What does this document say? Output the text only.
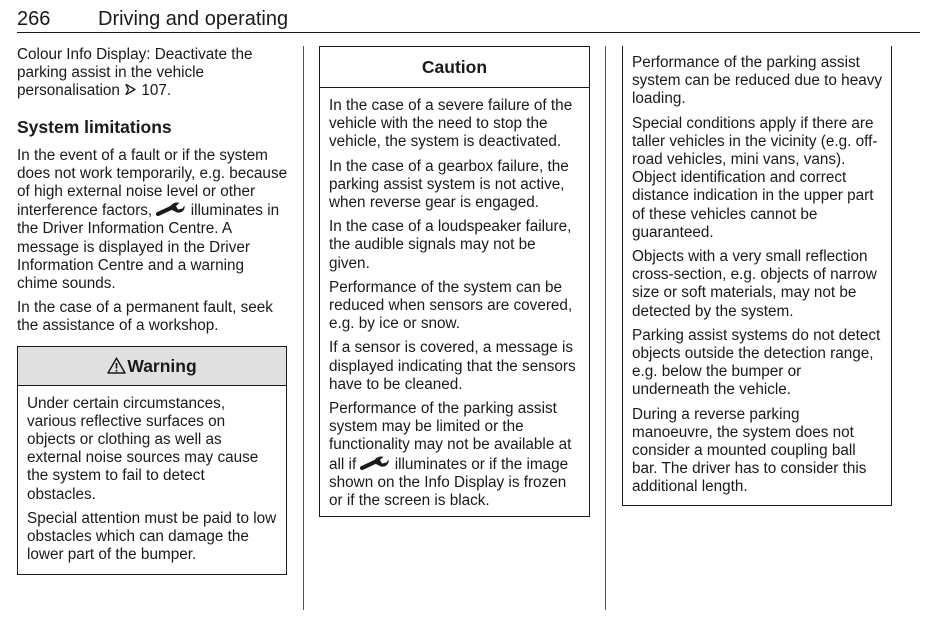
266 Driving and operating

Colour Info Display: Deactivate the parking assist in the vehicle personalisation 107.

System limitations

In the event of a fault or if the system does not work temporarily, e.g. because of high external noise level or other interference factors,	illuminates in the Driver Information Centre. A message is displayed in the Driver Information Centre and a warning chime sounds.

In the case of a permanent fault, seek the assistance of a workshop.

Warning

Under certain circumstances, various reflective surfaces on objects or clothing as well as external noise sources may cause the system to fail to detect obstacles.

Special attention must be paid to low obstacles which can damage the lower part of the bumper.

Caution

In the case of a severe failure of the vehicle with the need to stop the vehicle, the system is deactivated.

In the case of a gearbox failure, the parking assist system is not active, when reverse gear is engaged.

In the case of a loudspeaker failure, the audible signals may not be given.

Performance of the system can be reduced when sensors are covered, e.g. by ice or snow.

If a sensor is covered, a message is displayed indicating that the sensors have to be cleaned.

Performance of the parking assist system may be limited or the functionality may not be available at all if	illuminates or if the image shown on the Info Display is frozen or if the screen is black.

Performance of the parking assist system can be reduced due to heavy loading.

Special conditions apply if there are taller vehicles in the vicinity (e.g. off-road vehicles, mini vans, vans). Object identification and correct distance indication in the upper part of these vehicles cannot be guaranteed.

Objects with a very small reflection cross-section, e.g. objects of narrow size or soft materials, may not be detected by the system.

Parking assist systems do not detect objects outside the detection range, e.g. below the bumper or underneath the vehicle.

During a reverse parking manoeuvre, the system does not consider a mounted coupling ball bar. The driver has to consider this additional length.
